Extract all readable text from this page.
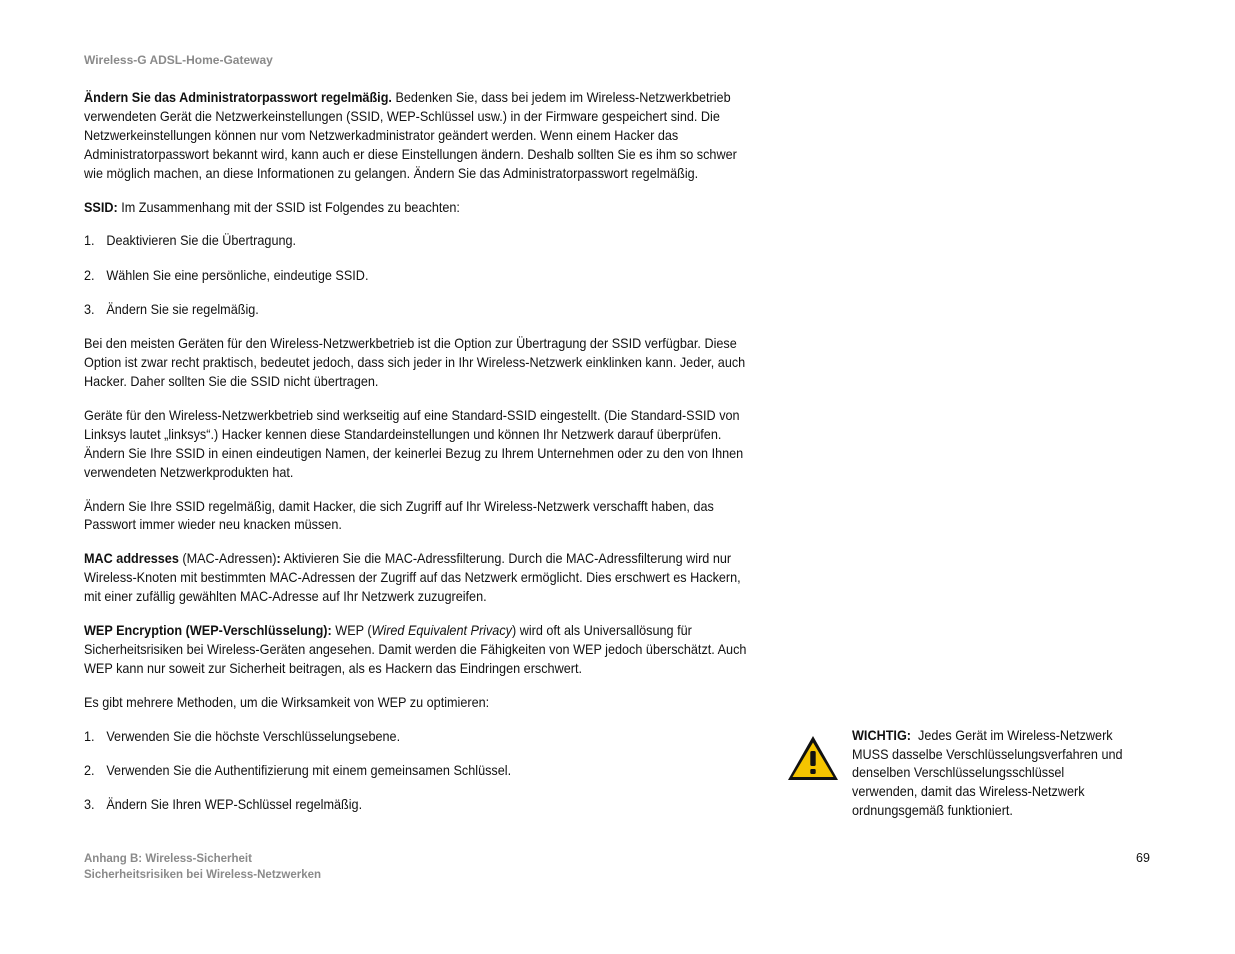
Wireless-G ADSL-Home-Gateway

Ändern Sie das Administratorpasswort regelmäßig. Bedenken Sie, dass bei jedem im Wireless-Netzwerkbetrieb verwendeten Gerät die Netzwerkeinstellungen (SSID, WEP-Schlüssel usw.) in der Firmware gespeichert sind. Die Netzwerkeinstellungen können nur vom Netzwerkadministrator geändert werden. Wenn einem Hacker das Administratorpasswort bekannt wird, kann auch er diese Einstellungen ändern. Deshalb sollten Sie es ihm so schwer wie möglich machen, an diese Informationen zu gelangen. Ändern Sie das Administratorpasswort regelmäßig.

SSID: Im Zusammenhang mit der SSID ist Folgendes zu beachten:

1. Deaktivieren Sie die Übertragung.
2. Wählen Sie eine persönliche, eindeutige SSID.
3. Ändern Sie sie regelmäßig.

Bei den meisten Geräten für den Wireless-Netzwerkbetrieb ist die Option zur Übertragung der SSID verfügbar. Diese Option ist zwar recht praktisch, bedeutet jedoch, dass sich jeder in Ihr Wireless-Netzwerk einklinken kann. Jeder, auch Hacker. Daher sollten Sie die SSID nicht übertragen.

Geräte für den Wireless-Netzwerkbetrieb sind werkseitig auf eine Standard-SSID eingestellt. (Die Standard-SSID von Linksys lautet „linksys“.) Hacker kennen diese Standardeinstellungen und können Ihr Netzwerk darauf überprüfen. Ändern Sie Ihre SSID in einen eindeutigen Namen, der keinerlei Bezug zu Ihrem Unternehmen oder zu den von Ihnen verwendeten Netzwerkprodukten hat.

Ändern Sie Ihre SSID regelmäßig, damit Hacker, die sich Zugriff auf Ihr Wireless-Netzwerk verschafft haben, das Passwort immer wieder neu knacken müssen.

MAC addresses (MAC-Adressen): Aktivieren Sie die MAC-Adressfilterung. Durch die MAC-Adressfilterung wird nur Wireless-Knoten mit bestimmten MAC-Adressen der Zugriff auf das Netzwerk ermöglicht. Dies erschwert es Hackern, mit einer zufällig gewählten MAC-Adresse auf Ihr Netzwerk zuzugreifen.

WEP Encryption (WEP-Verschlüsselung): WEP (Wired Equivalent Privacy) wird oft als Universallösung für Sicherheitsrisiken bei Wireless-Geräten angesehen. Damit werden die Fähigkeiten von WEP jedoch überschätzt. Auch WEP kann nur soweit zur Sicherheit beitragen, als es Hackern das Eindringen erschwert.

Es gibt mehrere Methoden, um die Wirksamkeit von WEP zu optimieren:

1. Verwenden Sie die höchste Verschlüsselungsebene.
2. Verwenden Sie die Authentifizierung mit einem gemeinsamen Schlüssel.
3. Ändern Sie Ihren WEP-Schlüssel regelmäßig.
WICHTIG:  Jedes Gerät im Wireless-Netzwerk MUSS dasselbe Verschlüsselungsverfahren und denselben Verschlüsselungsschlüssel verwenden, damit das Wireless-Netzwerk ordnungsgemäß funktioniert.
Anhang B: Wireless-Sicherheit
Sicherheitsrisiken bei Wireless-Netzwerken
69
